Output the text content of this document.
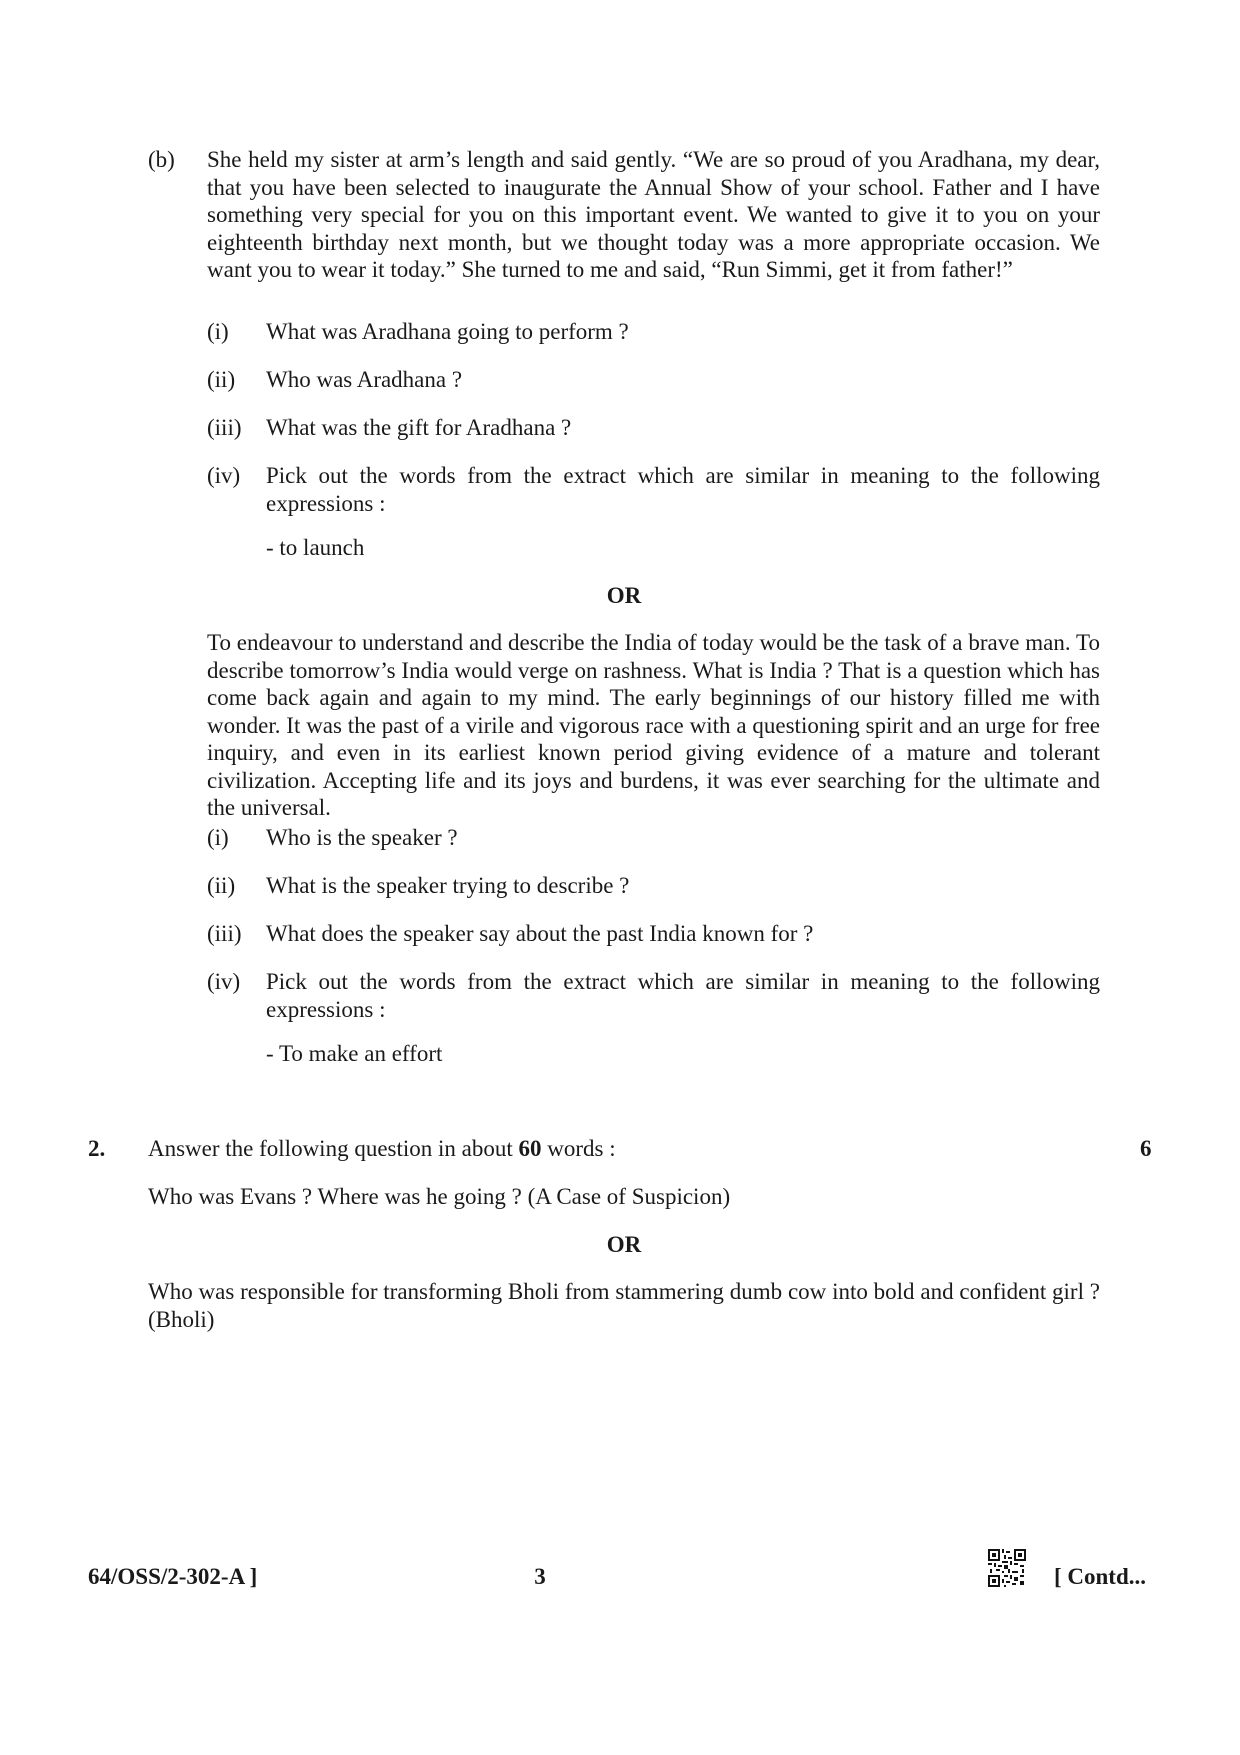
(b) She held my sister at arm’s length and said gently. “We are so proud of you Aradhana, my dear, that you have been selected to inaugurate the Annual Show of your school. Father and I have something very special for you on this important event. We wanted to give it to you on your eighteenth birthday next month, but we thought today was a more appropriate occasion. We want you to wear it today.” She turned to me and said, “Run Simmi, get it from father!”
(i) What was Aradhana going to perform ?
(ii) Who was Aradhana ?
(iii) What was the gift for Aradhana ?
(iv) Pick out the words from the extract which are similar in meaning to the following expressions :
- to launch
OR
To endeavour to understand and describe the India of today would be the task of a brave man. To describe tomorrow’s India would verge on rashness. What is India ? That is a question which has come back again and again to my mind. The early beginnings of our history filled me with wonder. It was the past of a virile and vigorous race with a questioning spirit and an urge for free inquiry, and even in its earliest known period giving evidence of a mature and tolerant civilization. Accepting life and its joys and burdens, it was ever searching for the ultimate and the universal.
(i) Who is the speaker ?
(ii) What is the speaker trying to describe ?
(iii) What does the speaker say about the past India known for ?
(iv) Pick out the words from the extract which are similar in meaning to the following expressions :
- To make an effort
2. Answer the following question in about 60 words :	6
Who was Evans ? Where was he going ? (A Case of Suspicion)
OR
Who was responsible for transforming Bholi from stammering dumb cow into bold and confident girl ? (Bholi)
64/OSS/2-302-A ]	3	[ Contd...
